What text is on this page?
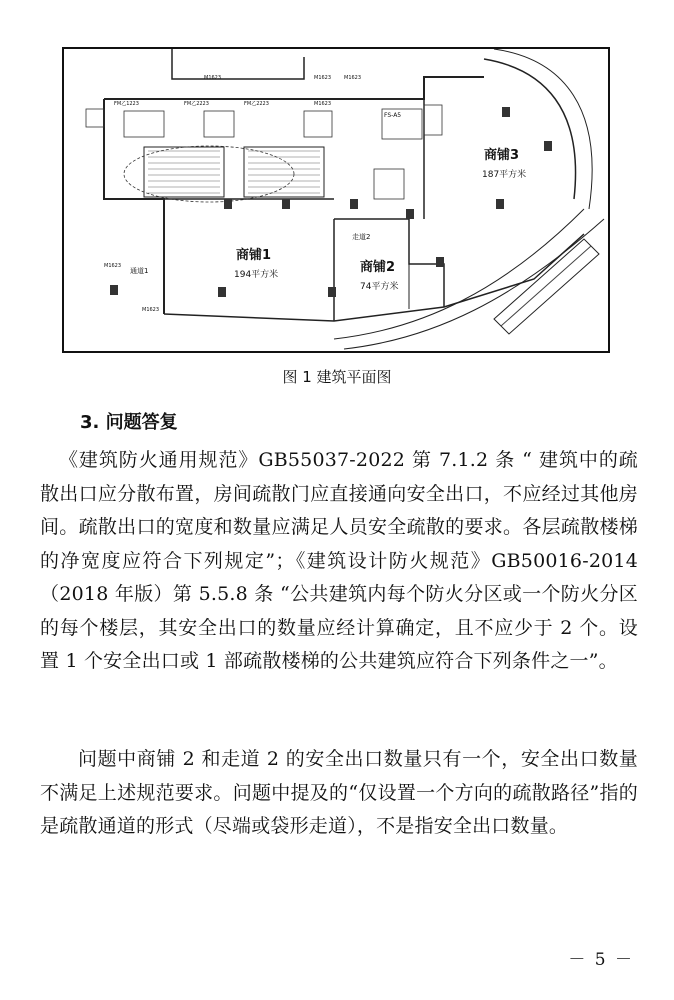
商铺3
187平方米
商铺1
194平方米	商铺2
74平方米
通道1
走道2
FS-A5
FM乙1223	FM乙2223	FM乙2223
M1623	M1623	M1623
M1623
M1623
M1623
图 1 建筑平面图
3. 问题答复

《建筑防火通用规范》GB55037-2022 第 7.1.2 条 “ 建筑中的疏散出口应分散布置，房间疏散门应直接通向安全出口，不应经过其他房间。疏散出口的宽度和数量应满足人员安全疏散的要求。各层疏散楼梯的净宽度应符合下列规定”；《建筑设计防火规范》GB50016-2014（2018 年版）第 5.5.8 条 “公共建筑内每个防火分区或一个防火分区的每个楼层，其安全出口的数量应经计算确定，且不应少于 2 个。设置 1 个安全出口或 1 部疏散楼梯的公共建筑应符合下列条件之一”。

问题中商铺 2 和走道 2 的安全出口数量只有一个，安全出口数量不满足上述规范要求。问题中提及的“仅设置一个方向的疏散路径”指的是疏散通道的形式（尽端或袋形走道），不是指安全出口数量。

－ 5 －
